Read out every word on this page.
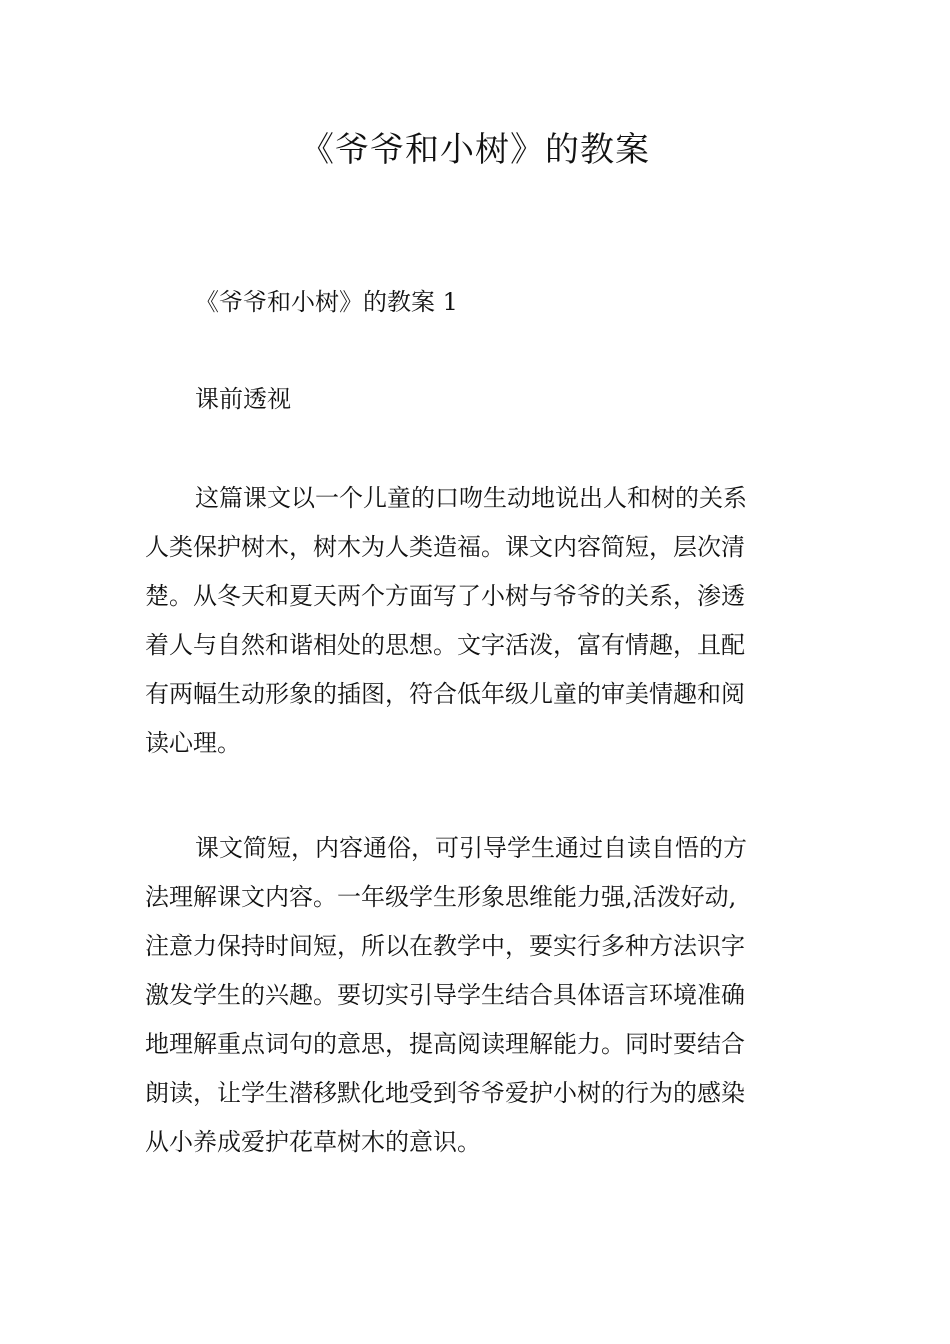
《爷爷和小树》的教案
《爷爷和小树》的教案 1
课前透视

这篇课文以一个儿童的口吻生动地说出人和树的关系
人类保护树木，树木为人类造福。课文内容简短，层次清
楚。从冬天和夏天两个方面写了小树与爷爷的关系，渗透
着人与自然和谐相处的思想。文字活泼，富有情趣，且配
有两幅生动形象的插图，符合低年级儿童的审美情趣和阅
读心理。

课文简短，内容通俗，可引导学生通过自读自悟的方
法理解课文内容。一年级学生形象思维能力强,活泼好动,
注意力保持时间短，所以在教学中，要实行多种方法识字
激发学生的兴趣。要切实引导学生结合具体语言环境准确
地理解重点词句的意思，提高阅读理解能力。同时要结合
朗读，让学生潜移默化地受到爷爷爱护小树的行为的感染
从小养成爱护花草树木的意识。
